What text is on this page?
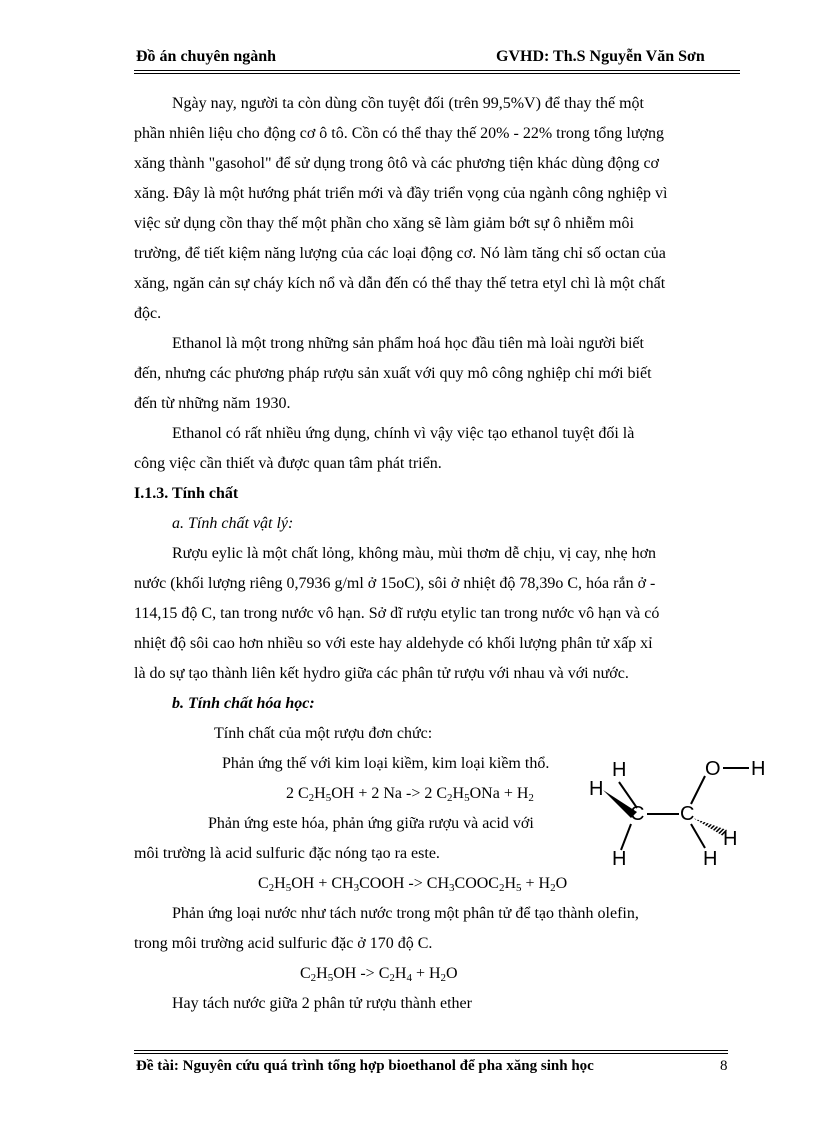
Đồ án chuyên ngành	GVHD: Th.S Nguyễn Văn Sơn
Ngày nay, người ta còn dùng cồn tuyệt đối (trên 99,5%V) để thay thế một
phần nhiên liệu cho động cơ ô tô. Cồn có thể thay thế 20% - 22% trong tổng lượng
xăng thành "gasohol" để sử dụng trong ôtô và các phương tiện khác dùng động cơ
xăng. Đây là một hướng phát triển mới và đầy triển vọng của ngành công nghiệp vì
việc sử dụng cồn thay thế một phần cho xăng sẽ làm giảm bớt sự ô nhiễm môi
trường, để tiết kiệm năng lượng của các loại động cơ. Nó làm tăng chỉ số octan của
xăng, ngăn cản sự cháy kích nổ và dẫn đến có thể thay thế tetra etyl chì là một chất
độc.
Ethanol là một trong những sản phẩm hoá học đầu tiên mà loài người biết
đến, nhưng các phương pháp rượu sản xuất với quy mô công nghiệp chỉ mới biết
đến từ những năm 1930.
Ethanol có rất nhiều ứng dụng, chính vì vậy việc tạo ethanol tuyệt đối là
công việc cần thiết và được quan tâm phát triển.
I.1.3. Tính chất
a. Tính chất vật lý:
Rượu eylic là một chất lỏng, không màu, mùi thơm dễ chịu, vị cay, nhẹ hơn
nước (khối lượng riêng 0,7936 g/ml ở 15oC), sôi ở nhiệt độ 78,39o C, hóa rắn ở -
114,15 độ C, tan trong nước vô hạn. Sở dĩ rượu etylic tan trong nước vô hạn và có
nhiệt độ sôi cao hơn nhiều so với este hay aldehyde có khối lượng phân tử xấp xỉ
là do sự tạo thành liên kết hydro giữa các phân tử rượu với nhau và với nước.
b. Tính chất hóa học:
Tính chất của một rượu đơn chức:
Phản ứng thế với kim loại kiềm, kim loại kiềm thổ.
2 $C_2H_5OH + 2$ Na -> 2 $C_2H_5ONa + H_2$
Phản ứng este hóa, phản ứng giữa rượu và acid với
môi trường là acid sulfuric đặc nóng tạo ra este.
$C_2H_5OH$ + $CH_3COOH$ -> $CH_3COOC_2H_5 + H_2O$
Phản ứng loại nước như tách nước trong một phân tử để tạo thành olefin,
trong môi trường acid sulfuric đặc ở 170 độ C.
$C_2H_5OH -> C_2H_4 + H_2O$
Hay tách nước giữa 2 phân tử rượu thành ether
H
H
C C
O H
H
H
H
Đề tài: Nguyên cứu quá trình tổng hợp bioethanol để pha xăng sinh học	8
